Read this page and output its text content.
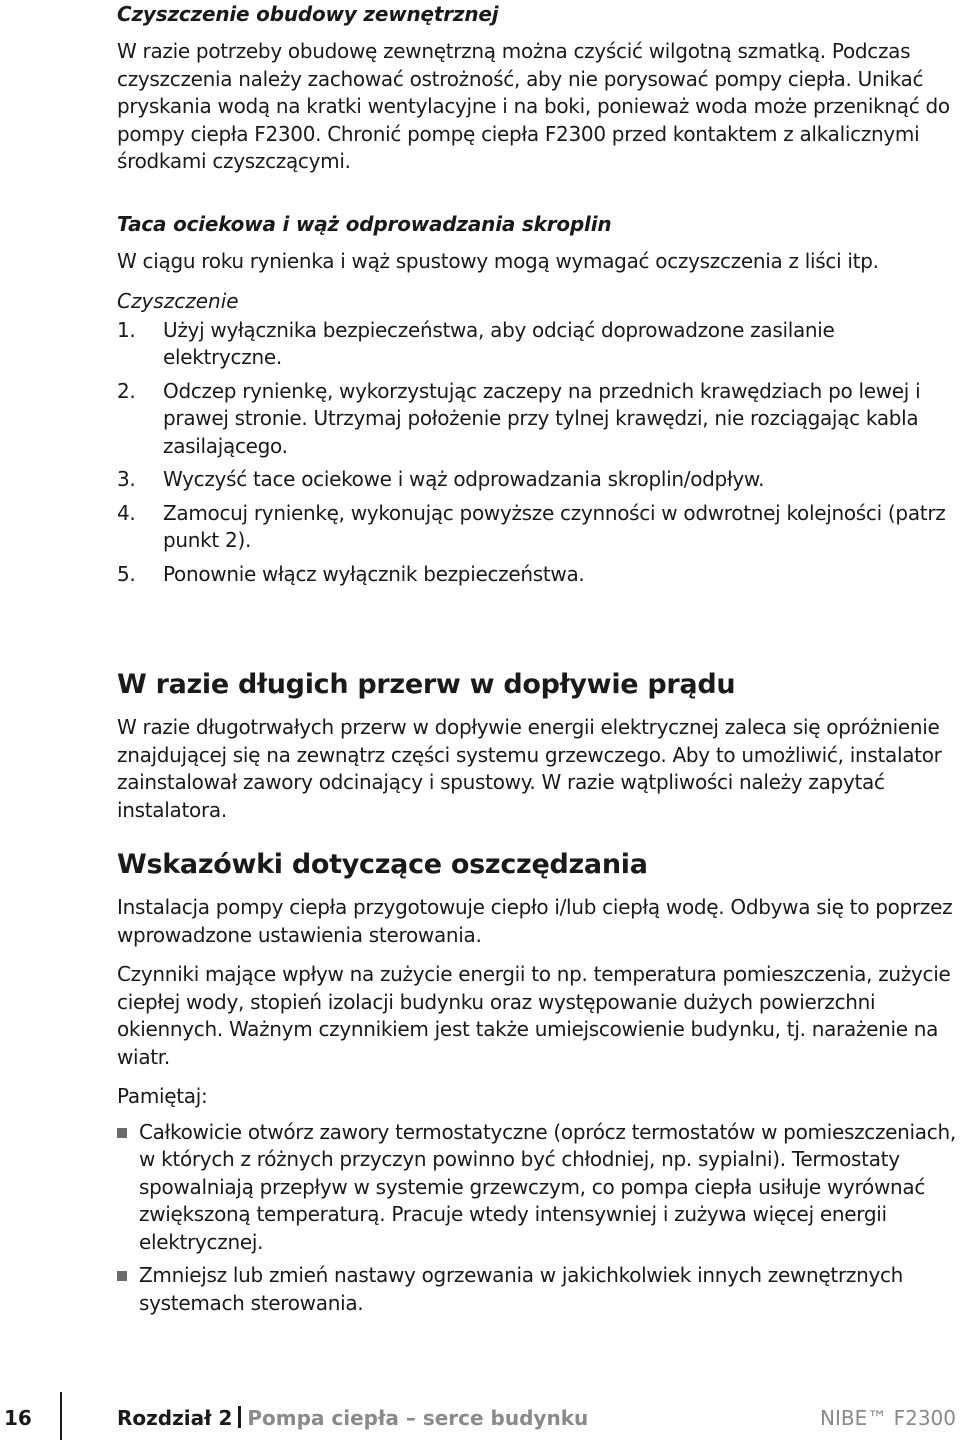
Czyszczenie obudowy zewnętrznej

W razie potrzeby obudowę zewnętrzną można czyścić wilgotną szmatką. Podczas czyszczenia należy zachować ostrożność, aby nie porysować pompy ciepła. Unikać pryskania wodą na kratki wentylacyjne i na boki, ponieważ woda może przeniknąć do pompy ciepła F2300. Chronić pompę ciepła F2300 przed kontaktem z alkalicznymi środkami czyszczącymi.

Taca ociekowa i wąż odprowadzania skroplin

W ciągu roku rynienka i wąż spustowy mogą wymagać oczyszczenia z liści itp.

Czyszczenie
1.	Użyj wyłącznika bezpieczeństwa, aby odciąć doprowadzone zasilanie elektryczne.
2.	Odczep rynienkę, wykorzystując zaczepy na przednich krawędziach po lewej i prawej stronie. Utrzymaj położenie przy tylnej krawędzi, nie rozciągając kabla zasilającego.
3.	Wyczyść tace ociekowe i wąż odprowadzania skroplin/odpływ.
4.	Zamocuj rynienkę, wykonując powyższe czynności w odwrotnej kolejności (patrz punkt 2).
5.	Ponownie włącz wyłącznik bezpieczeństwa.
W razie długich przerw w dopływie prądu

W razie długotrwałych przerw w dopływie energii elektrycznej zaleca się opróżnienie znajdującej się na zewnątrz części systemu grzewczego. Aby to umożliwić, instalator zainstalował zawory odcinający i spustowy. W razie wątpliwości należy zapytać instalatora.

Wskazówki dotyczące oszczędzania

Instalacja pompy ciepła przygotowuje ciepło i/lub ciepłą wodę. Odbywa się to poprzez wprowadzone ustawienia sterowania.

Czynniki mające wpływ na zużycie energii to np. temperatura pomieszczenia, zużycie ciepłej wody, stopień izolacji budynku oraz występowanie dużych powierzchni okiennych. Ważnym czynnikiem jest także umiejscowienie budynku, tj. narażenie na wiatr.

Pamiętaj:

Całkowicie otwórz zawory termostatyczne (oprócz termostatów w pomieszczeniach, w których z różnych przyczyn powinno być chłodniej, np. sypialni). Termostaty spowalniają przepływ w systemie grzewczym, co pompa ciepła usiłuje wyrównać zwiększoną temperaturą. Pracuje wtedy intensywniej i zużywa więcej energii elektrycznej.
Zmniejsz lub zmień nastawy ogrzewania w jakichkolwiek innych zewnętrznych systemach sterowania.
16	Rozdział 2 Pompa ciepła – serce budynku	NIBE™ F2300
